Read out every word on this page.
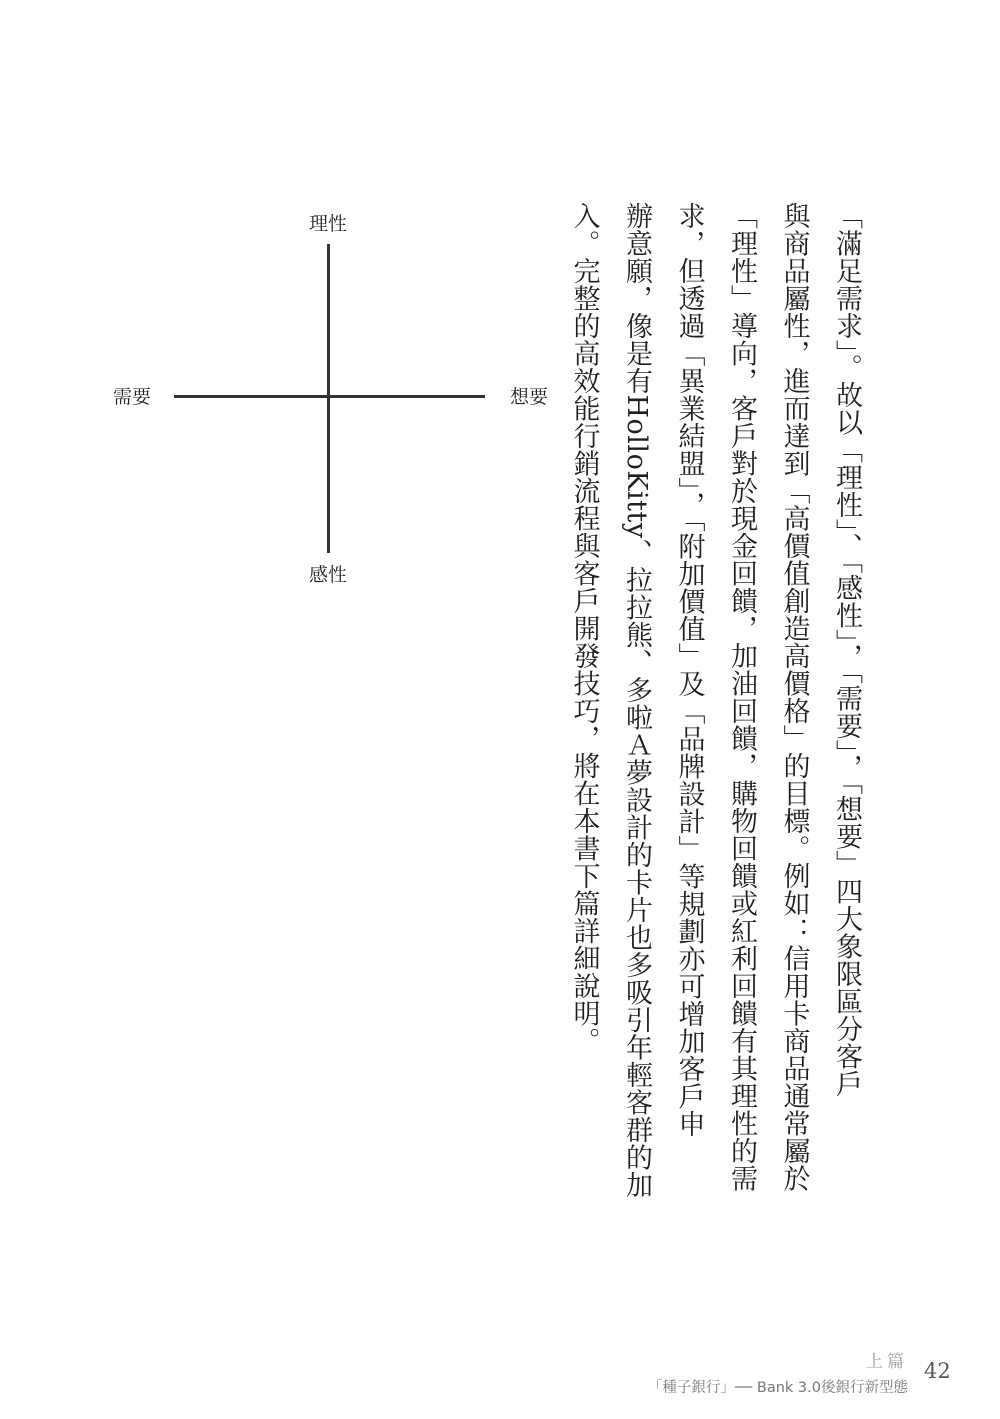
理性
感性
需要	想要	「滿足需求」。故以「理性」、「感性」，「需要」，「想要」四大象限區分客戶
與商品屬性，進而達到「高價值創造高價格」的目標。例如：信用卡商品通常屬於
「理性」導向，客戶對於現金回饋，加油回饋，購物回饋或紅利回饋有其理性的需
求，但透過「異業結盟」，「附加價值」及「品牌設計」等規劃亦可增加客戶申
辦意願，像是有HolloKitty、拉拉熊、多啦Ａ夢設計的卡片也多吸引年輕客群的加
入。完整的高效能行銷流程與客戶開發技巧，將在本書下篇詳細說明。
上篇
「種子銀行」── Bank 3.0後銀行新型態
42
